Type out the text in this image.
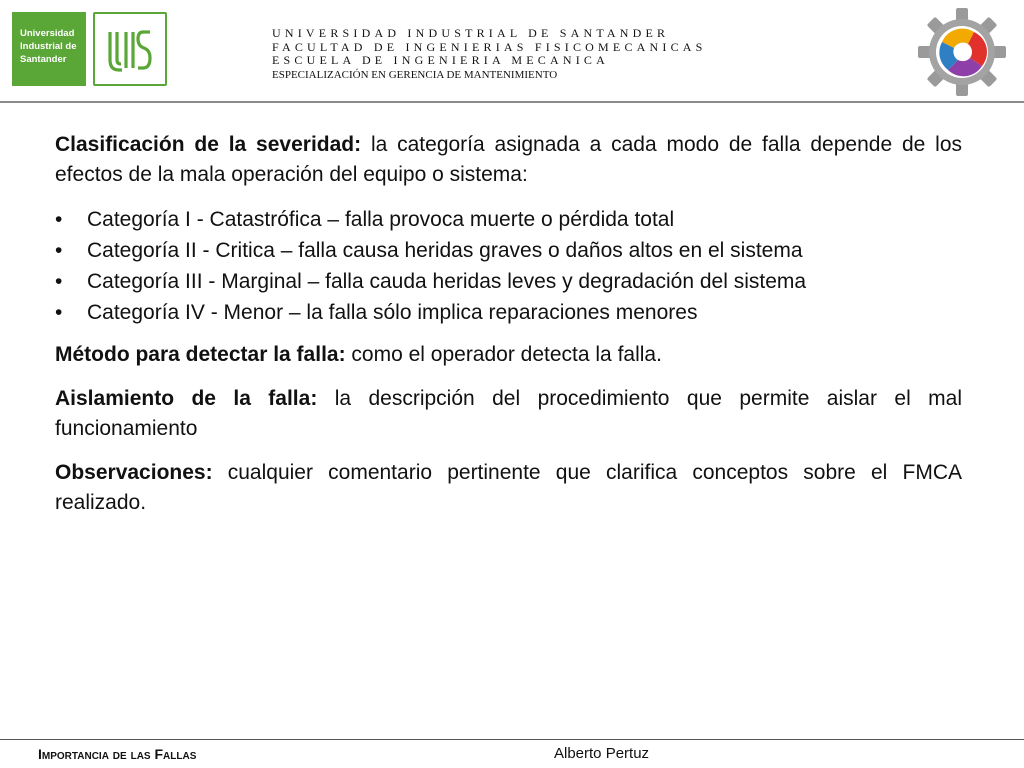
Universidad
Industrial de
Santander
UNIVERSIDAD INDUSTRIAL DE SANTANDER
FACULTAD DE INGENIERIAS FISICOMECANICAS
ESCUELA DE INGENIERIA MECANICA
ESPECIALIZACIÓN EN GERENCIA DE MANTENIMIENTO

Clasificación de la severidad: la categoría asignada a cada modo de falla depende de los efectos de la mala operación del equipo o sistema:

• Categoría I - Catastrófica – falla provoca muerte o pérdida total
• Categoría II - Critica – falla causa heridas graves o daños altos en el sistema
• Categoría III - Marginal – falla cauda heridas leves y degradación del sistema
• Categoría IV - Menor – la falla sólo implica reparaciones menores

Método para detectar la falla: como el operador detecta la falla.

Aislamiento de la falla: la descripción del procedimiento que permite aislar el mal funcionamiento

Observaciones: cualquier comentario pertinente que clarifica conceptos sobre el FMCA realizado.

Importancia de las Fallas	Alberto Pertuz
